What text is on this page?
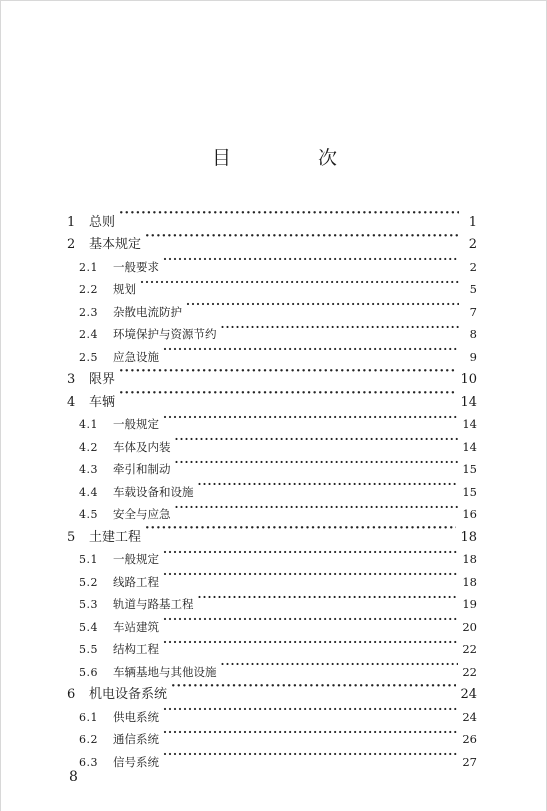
目　次
1	总则 ·····	1
2	基本规定 ·····	2
2.1	一般要求 ·····	2
2.2	规划 ·····	5
2.3	杂散电流防护 ·····	7
2.4	环境保护与资源节约 ·····	8
2.5	应急设施 ·····	9
3	限界 ·····	10
4	车辆 ·····	14
4.1	一般规定 ·····	14
4.2	车体及内装 ·····	14
4.3	牵引和制动 ·····	15
4.4	车载设备和设施 ·····	15
4.5	安全与应急 ·····	16
5	土建工程 ·····	18
5.1	一般规定 ·····	18
5.2	线路工程 ·····	18
5.3	轨道与路基工程 ·····	19
5.4	车站建筑 ·····	20
5.5	结构工程 ·····	22
5.6	车辆基地与其他设施 ·····	22
6	机电设备系统 ·····	24
6.1	供电系统 ·····	24
6.2	通信系统 ·····	26
6.3	信号系统 ·····	27
8
